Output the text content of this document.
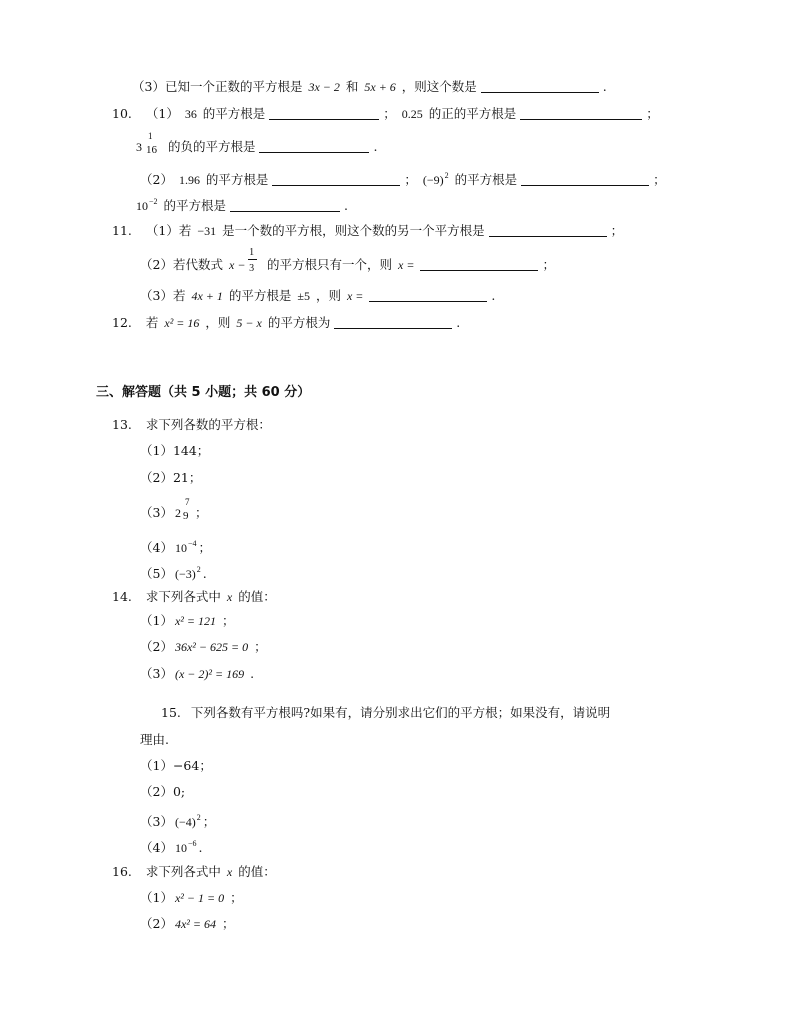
（3）已知一个正数的平方根是 3x − 2 和 5x + 6 ，则这个数是	.
10. （1） 36 的平方根是	； 0.25 的正的平方根是	；
3
1
16 的负的平方根是	.
（2） 1.96 的平方根是	； $(-9)^2$ 的平方根是	；
$10^{-2}$ 的平方根是	.
11. （1）若 −31 是一个数的平方根，则这个数的另一个平方根是	；
（2）若代数式 $x - \frac{1}{3}$ 的平方根只有一个，则 x =	；
（3）若 4x + 1 的平方根是 ±5 ，则 x =	.
12. 若 x² = 16 ，则 5 − x 的平方根为	.
三、解答题（共 5 小题；共 60 分）
13. 求下列各数的平方根：
（1）144；
（2）21；
（3） 2
7
9 ；
（4） $10^{-4}$ ；
（5） $(-3)^2$ .
14. 求下列各式中 x 的值：
（1） x² = 121 ；
（2） 36x² − 625 = 0 ；
（3） (x − 2)² = 169 .
15. 下列各数有平方根吗?如果有，请分别求出它们的平方根；如果没有，请说明
理由.
（1）−64；
（2）0;
（3） $(-4)^2$ ；
（4） $10^{-6}$ .
16. 求下列各式中 x 的值：
（1） x² − 1 = 0 ；
（2） 4x² = 64 ；
